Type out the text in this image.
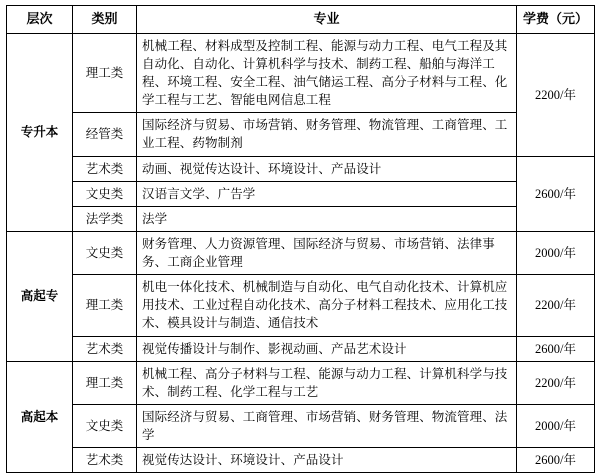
层次	类别	专业	学费（元）
专升本	理工类	机械工程、材料成型及控制工程、能源与动力工程、电气工程及其自动化、自动化、计算机科学与技术、制药工程、船舶与海洋工程、环境工程、安全工程、油气储运工程、高分子材料与工程、化学工程与工艺、智能电网信息工程	2200/年
	经管类	国际经济与贸易、市场营销、财务管理、物流管理、工商管理、工业工程、药物制剂	
	艺术类	动画、视觉传达设计、环境设计、产品设计	2600/年
	文史类	汉语言文学、广告学	
	法学类	法学	
高起专	文史类	财务管理、人力资源管理、国际经济与贸易、市场营销、法律事务、工商企业管理	2000/年
	理工类	机电一体化技术、机械制造与自动化、电气自动化技术、计算机应用技术、工业过程自动化技术、高分子材料工程技术、应用化工技术、模具设计与制造、通信技术	2200/年
	艺术类	视觉传播设计与制作、影视动画、产品艺术设计	2600/年
高起本	理工类	机械工程、高分子材料与工程、能源与动力工程、计算机科学与技术、制药工程、化学工程与工艺	2200/年
	文史类	国际经济与贸易、工商管理、市场营销、财务管理、物流管理、法学	2000/年
	艺术类	视觉传达设计、环境设计、产品设计	2600/年
